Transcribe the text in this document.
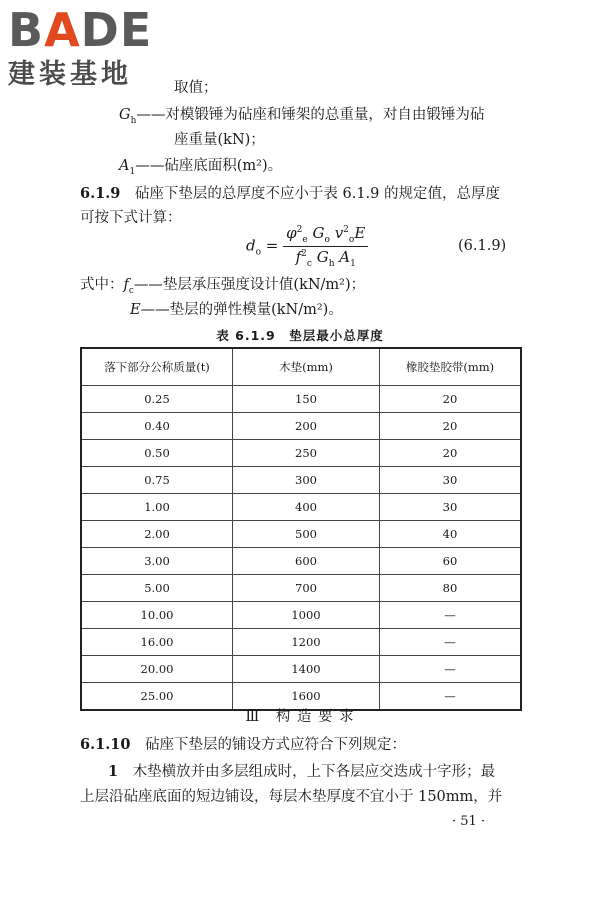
BADE
建装基地	取值；
$G_h——$对模锻锤为砧座和锤架的总重量，对自由锻锤为砧
座重量(kN)；
$A_1——$砧座底面积(m²)。
6.1.9　 砧座下垫层的总厚度不应小于表 6.1.9 的规定值，总厚度
可按下式计算：
$d_o = \frac{\varphi^2_e G_o v^2_oE}{f^2_c G_h A_1}$	(6.1.9)
式中：$f_c——$垫层承压强度设计值(kN/m²)；
E——垫层的弹性模量(kN/m²)。
表 6.1.9　垫层最小总厚度
落下部分公称质量(t)	木垫(mm)	橡胶垫胶带(mm)
0.25	150	20
0.40	200	20
0.50	250	20
0.75	300	30
1.00	400	30
2.00	500	40
3.00	600	60
5.00	700	80
10.00	1000	—
16.00	1200	—
20.00	1400	—
25.00	1600	—
Ⅲ　构 造 要 求
6.1.10　 砧座下垫层的铺设方式应符合下列规定：
1　 木垫横放并由多层组成时，上下各层应交迭成十字形；最
上层沿砧座底面的短边铺设，每层木垫厚度不宜小于 150mm，并
· 51 ·
